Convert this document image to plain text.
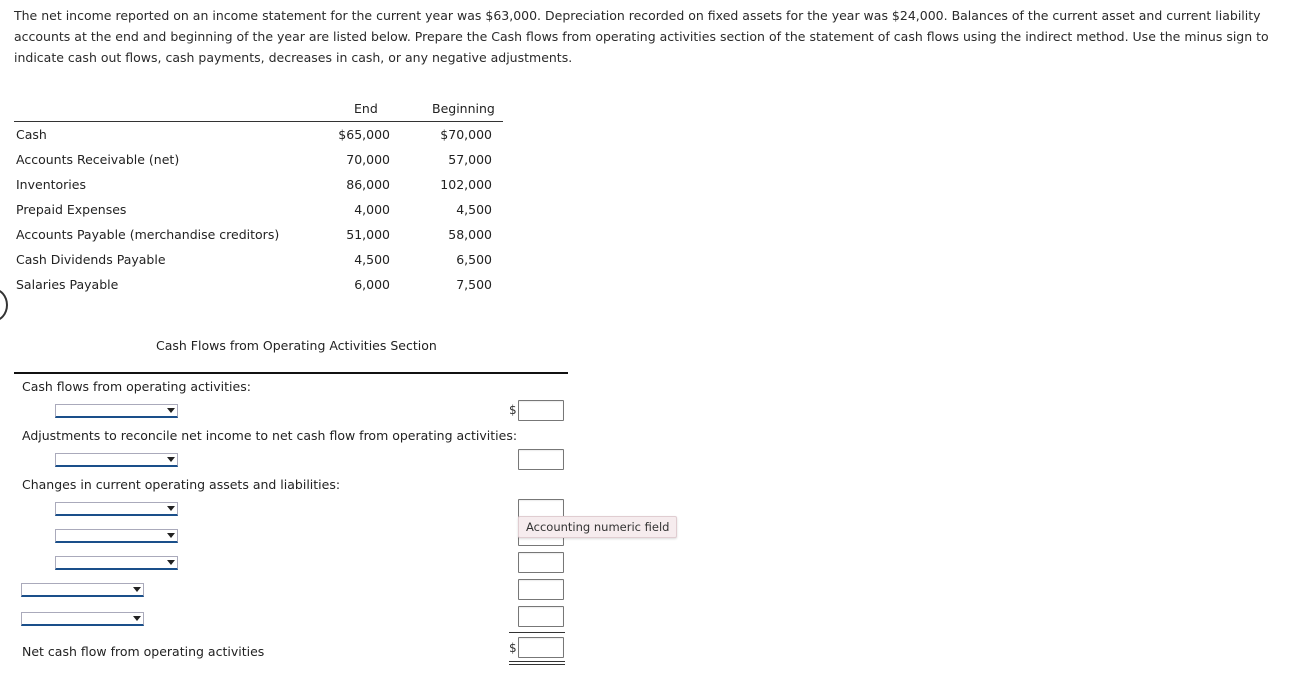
The net income reported on an income statement for the current year was $63,000. Depreciation recorded on fixed assets for the year was $24,000. Balances of the current asset and current liability accounts at the end and beginning of the year are listed below. Prepare the Cash flows from operating activities section of the statement of cash flows using the indirect method. Use the minus sign to indicate cash out flows, cash payments, decreases in cash, or any negative adjustments.
End	Beginning
Cash	$65,000	$70,000
Accounts Receivable (net)	70,000	57,000
Inventories	86,000	102,000
Prepaid Expenses	4,000	4,500
Accounts Payable (merchandise creditors)	51,000	58,000
Cash Dividends Payable	4,500	6,500
Salaries Payable	6,000	7,500
Cash Flows from Operating Activities Section
Cash flows from operating activities:
$
Adjustments to reconcile net income to net cash flow from operating activities:
Changes in current operating assets and liabilities:
Net cash flow from operating activities	$
Accounting numeric field
